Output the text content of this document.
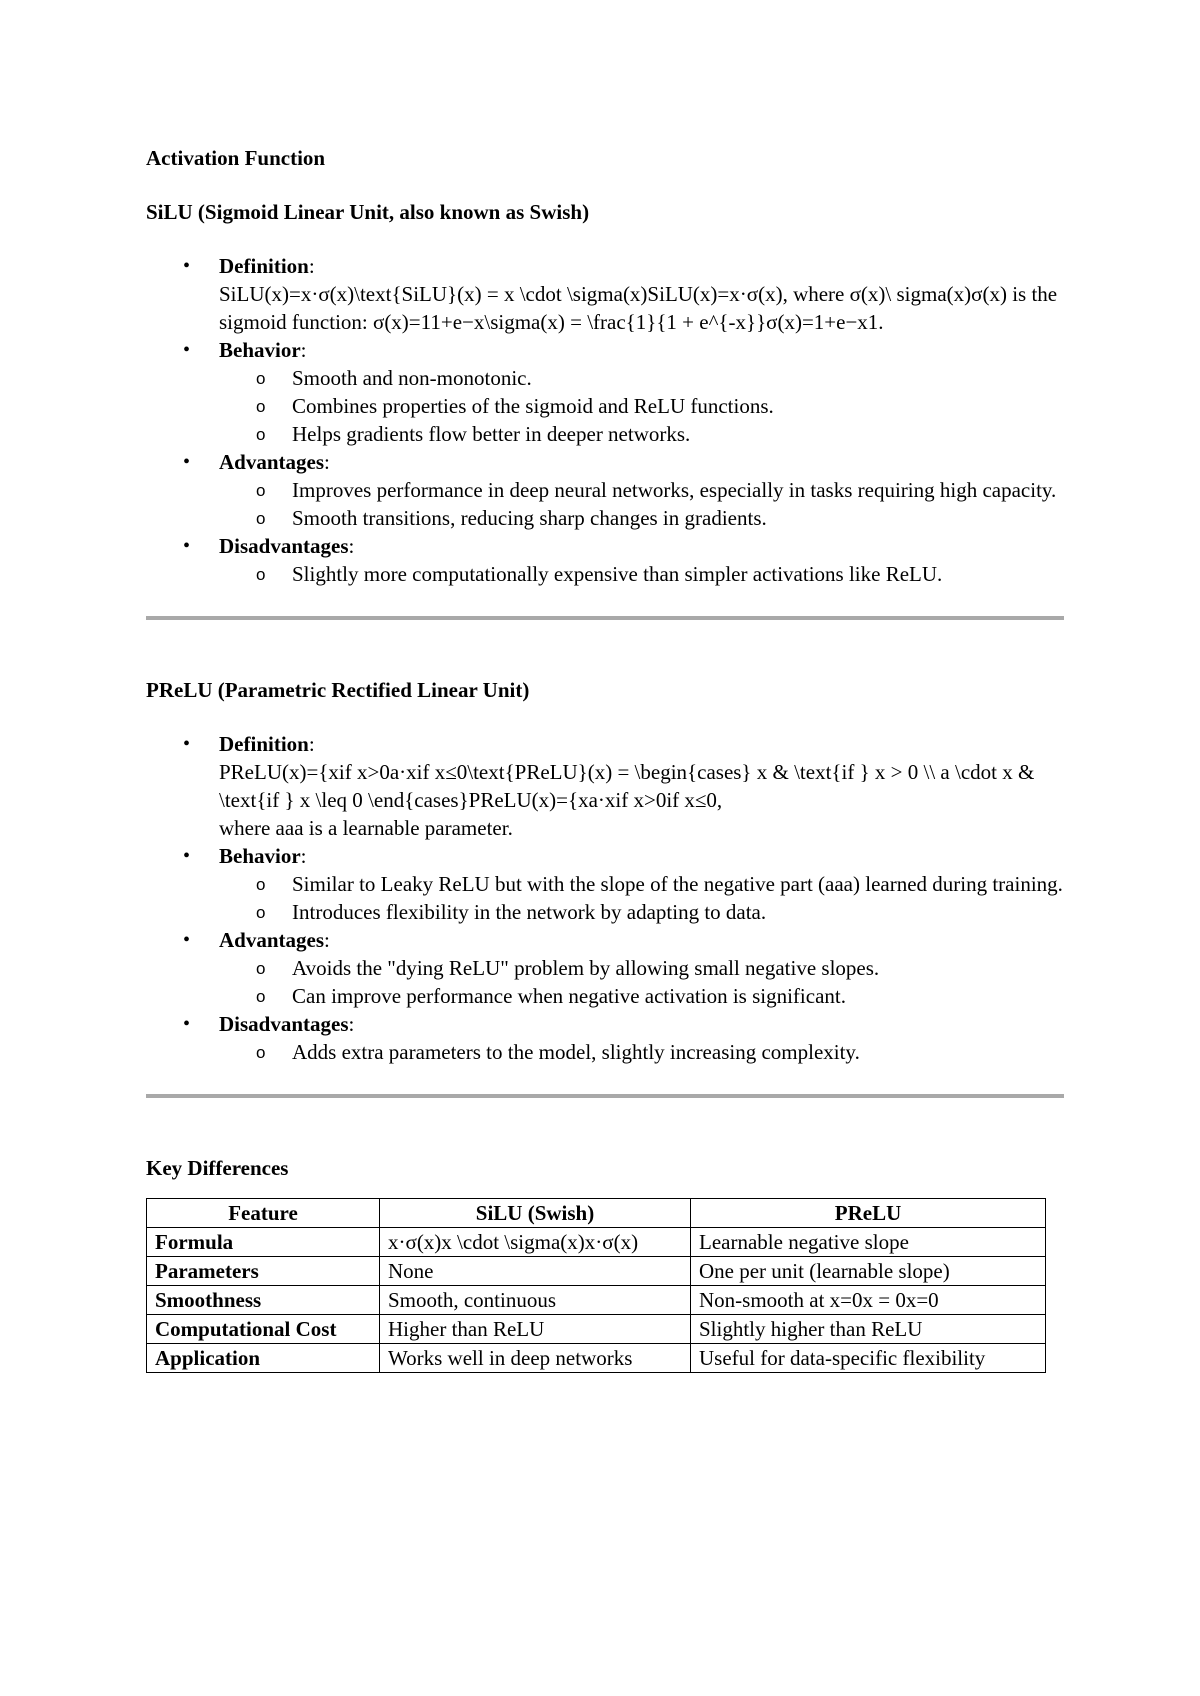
Activation Function
SiLU (Sigmoid Linear Unit, also known as Swish)
• Definition:
SiLU(x)=x·σ(x)\text{SiLU}(x) = x \cdot \sigma(x)SiLU(x)=x·σ(x), where σ(x)\ sigma(x)σ(x) is the sigmoid function: σ(x)=11+e−x\sigma(x) = \frac{1}{1 + e^{-x}}σ(x)=1+e−x1.
• Behavior:
o Smooth and non-monotonic.
o Combines properties of the sigmoid and ReLU functions.
o Helps gradients flow better in deeper networks.
• Advantages:
o Improves performance in deep neural networks, especially in tasks requiring high capacity.
o Smooth transitions, reducing sharp changes in gradients.
• Disadvantages:
o Slightly more computationally expensive than simpler activations like ReLU.
PReLU (Parametric Rectified Linear Unit)
• Definition:
PReLU(x)={xif x>0a·xif x≤0\text{PReLU}(x) = \begin{cases} x & \text{if } x > 0 \\ a \cdot x & \text{if } x \leq 0 \end{cases}PReLU(x)={xa·xif x>0if x≤0,
where aaa is a learnable parameter.
• Behavior:
o Similar to Leaky ReLU but with the slope of the negative part (aaa) learned during training.
o Introduces flexibility in the network by adapting to data.
• Advantages:
o Avoids the "dying ReLU" problem by allowing small negative slopes.
o Can improve performance when negative activation is significant.
• Disadvantages:
o Adds extra parameters to the model, slightly increasing complexity.
Key Differences
Feature	SiLU (Swish)	PReLU
Formula	x·σ(x)x \cdot \sigma(x)x·σ(x)	Learnable negative slope
Parameters	None	One per unit (learnable slope)
Smoothness	Smooth, continuous	Non-smooth at x=0x = 0x=0
Computational Cost	Higher than ReLU	Slightly higher than ReLU
Application	Works well in deep networks	Useful for data-specific flexibility
